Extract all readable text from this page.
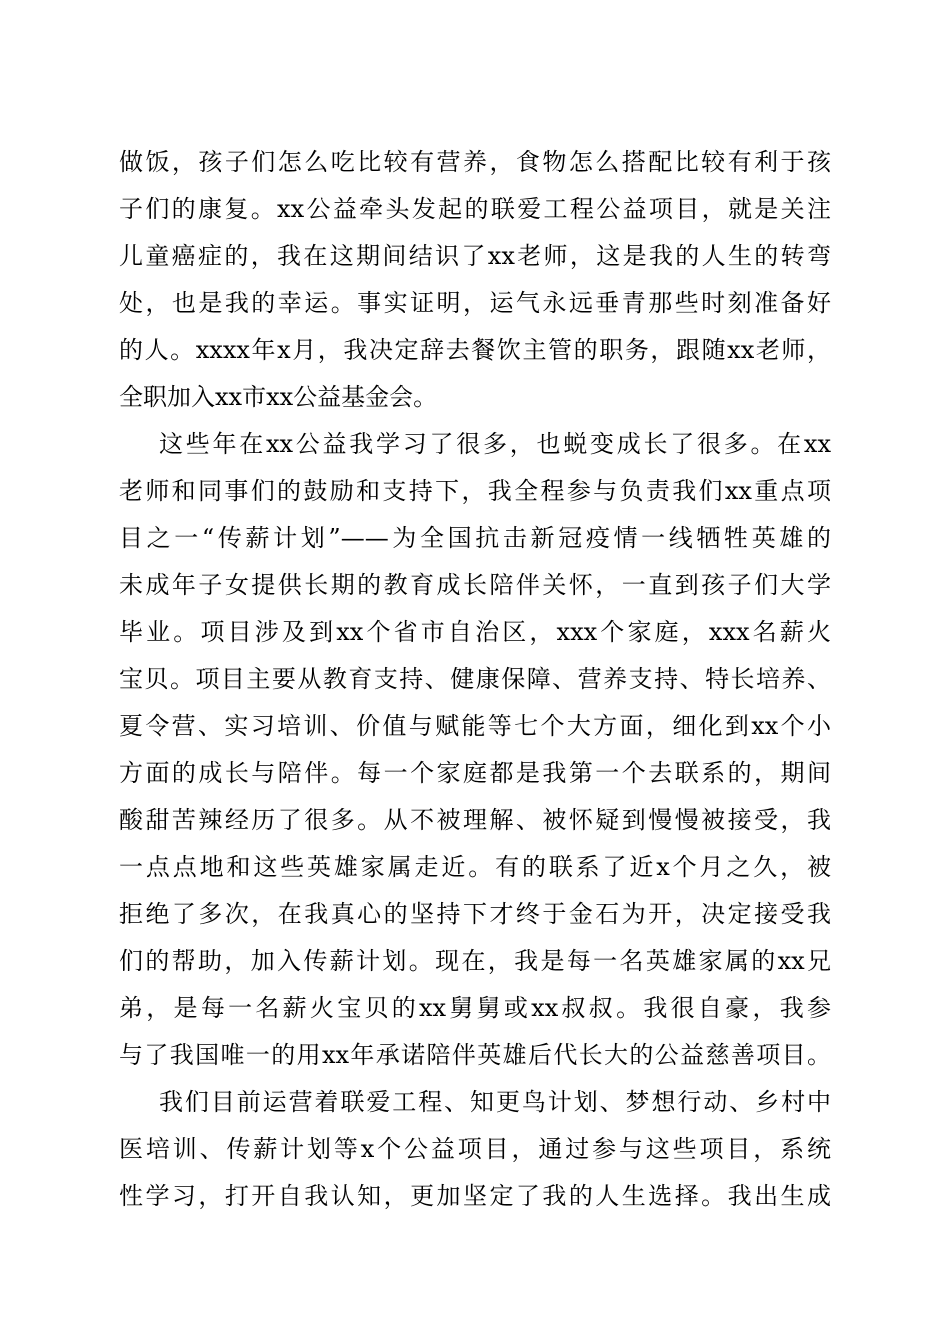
做饭，孩子们怎么吃比较有营养，食物怎么搭配比较有利于孩
子们的康复。xx公益牵头发起的联爱工程公益项目，就是关注
儿童癌症的，我在这期间结识了xx老师，这是我的人生的转弯
处，也是我的幸运。事实证明，运气永远垂青那些时刻准备好
的人。xxxx年x月，我决定辞去餐饮主管的职务，跟随xx老师，
全职加入xx市xx公益基金会。
这些年在xx公益我学习了很多，也蜕变成长了很多。在xx
老师和同事们的鼓励和支持下，我全程参与负责我们xx重点项
目之一“传薪计划”——为全国抗击新冠疫情一线牺牲英雄的
未成年子女提供长期的教育成长陪伴关怀，一直到孩子们大学
毕业。项目涉及到xx个省市自治区，xxx个家庭，xxx名薪火
宝贝。项目主要从教育支持、健康保障、营养支持、特长培养、
夏令营、实习培训、价值与赋能等七个大方面，细化到xx个小
方面的成长与陪伴。每一个家庭都是我第一个去联系的，期间
酸甜苦辣经历了很多。从不被理解、被怀疑到慢慢被接受，我
一点点地和这些英雄家属走近。有的联系了近x个月之久，被
拒绝了多次，在我真心的坚持下才终于金石为开，决定接受我
们的帮助，加入传薪计划。现在，我是每一名英雄家属的xx兄
弟，是每一名薪火宝贝的xx舅舅或xx叔叔。我很自豪，我参
与了我国唯一的用xx年承诺陪伴英雄后代长大的公益慈善项目。
我们目前运营着联爱工程、知更鸟计划、梦想行动、乡村中
医培训、传薪计划等x个公益项目，通过参与这些项目，系统
性学习，打开自我认知，更加坚定了我的人生选择。我出生成
